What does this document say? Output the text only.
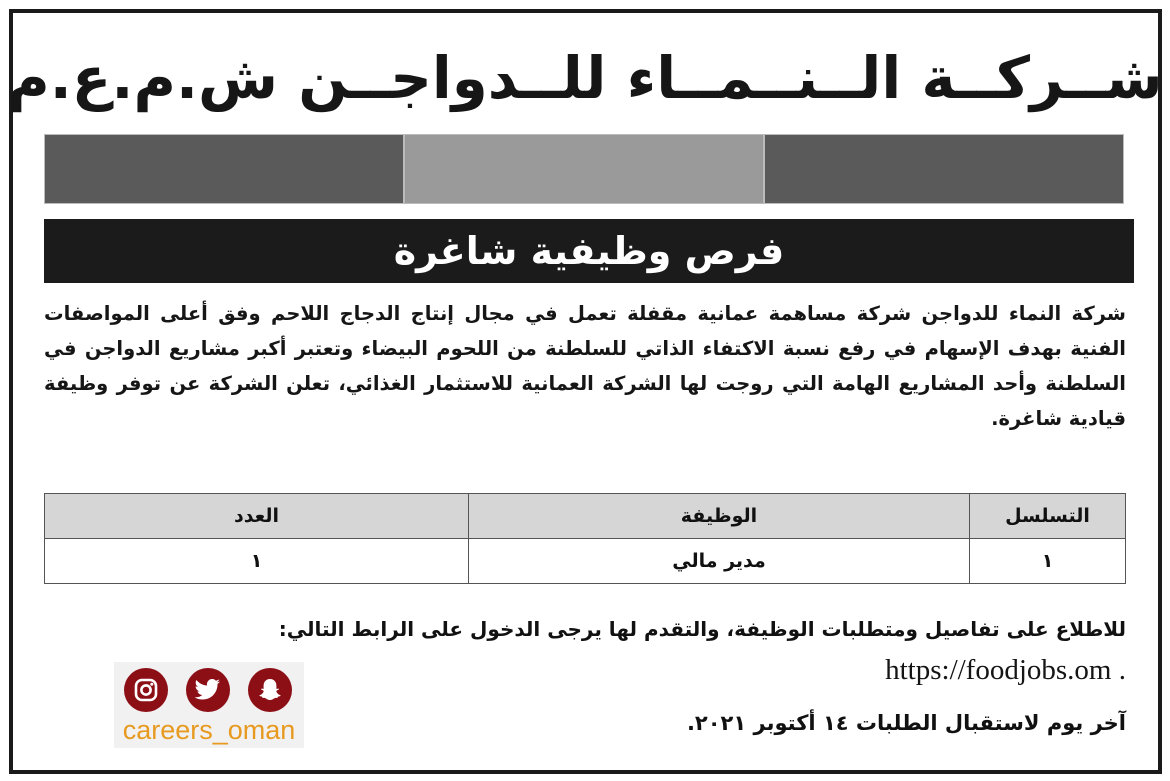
شــركــة الــنــمــاء للــدواجــن ش.م.ع.م
فرص وظيفية شاغرة
شركة النماء للدواجن شركة مساهمة عمانية مقفلة تعمل في مجال إنتاج الدجاج اللاحم وفق أعلى المواصفات الفنية بهدف الإسهام في رفع نسبة الاكتفاء الذاتي للسلطنة من اللحوم البيضاء وتعتبر أكبر مشاريع الدواجن في السلطنة وأحد المشاريع الهامة التي روجت لها الشركة العمانية للاستثمار الغذائي، تعلن الشركة عن توفر وظيفة قيادية شاغرة.
التسلسل	الوظيفة	العدد
١	مدير مالي	١
للاطلاع على تفاصيل ومتطلبات الوظيفة، والتقدم لها يرجى الدخول على الرابط التالي:
https://foodjobs.om .
آخر يوم لاستقبال الطلبات ١٤ أكتوبر ٢٠٢١.
careers_oman
